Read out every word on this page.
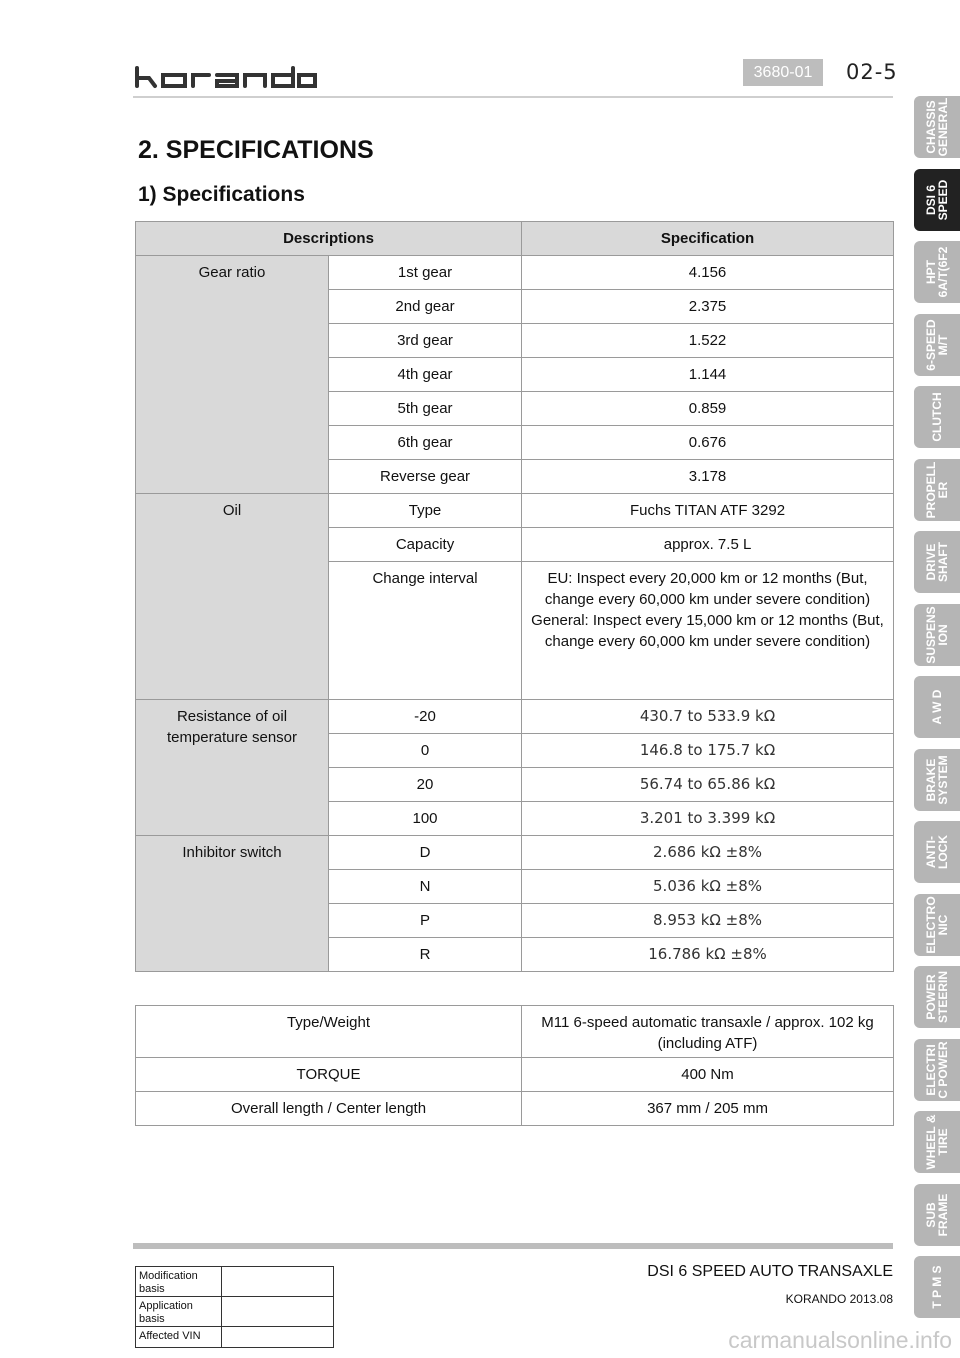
3680-01	02-5
2. SPECIFICATIONS
1) Specifications
Descriptions		Specification
Gear ratio	1st gear	4.156
	2nd gear	2.375
	3rd gear	1.522
	4th gear	1.144
	5th gear	0.859
	6th gear	0.676
	Reverse gear	3.178
Oil	Type	Fuchs TITAN ATF 3292
	Capacity	approx. 7.5 L
	Change interval	EU: Inspect every 20,000 km or 12 months (But, change every 60,000 km under severe condition) General: Inspect every 15,000 km or 12 months (But, change every 60,000 km under severe condition)
Resistance of oil temperature sensor	-20	430.7 to 533.9 kΩ
	0	146.8 to 175.7 kΩ
	20	56.74 to 65.86 kΩ
	100	3.201 to 3.399 kΩ
Inhibitor switch	D	2.686 kΩ ±8%
	N	5.036 kΩ ±8%
	P	8.953 kΩ ±8%
	R	16.786 kΩ ±8%
Type/Weight	M11 6-speed automatic transaxle / approx. 102 kg (including ATF)
TORQUE	400 Nm
Overall length / Center length	367 mm / 205 mm
CHASSIS
GENERAL
DSI 6
SPEED
HPT
6A/T(6F2
6-SPEED
M/T
CLUTCH
PROPELL
ER
DRIVE
SHAFT
SUSPENS
ION
A W D
BRAKE
SYSTEM
ANTI-
LOCK
ELECTRO
NIC
POWER
STEERIN
ELECTRI
C POWER
WHEEL &
TIRE
SUB
FRAME
T P M S
DSI 6 SPEED AUTO TRANSAXLE
KORANDO 2013.08
Modification basis	
Application basis	
Affected VIN		carmanualsonline.info
